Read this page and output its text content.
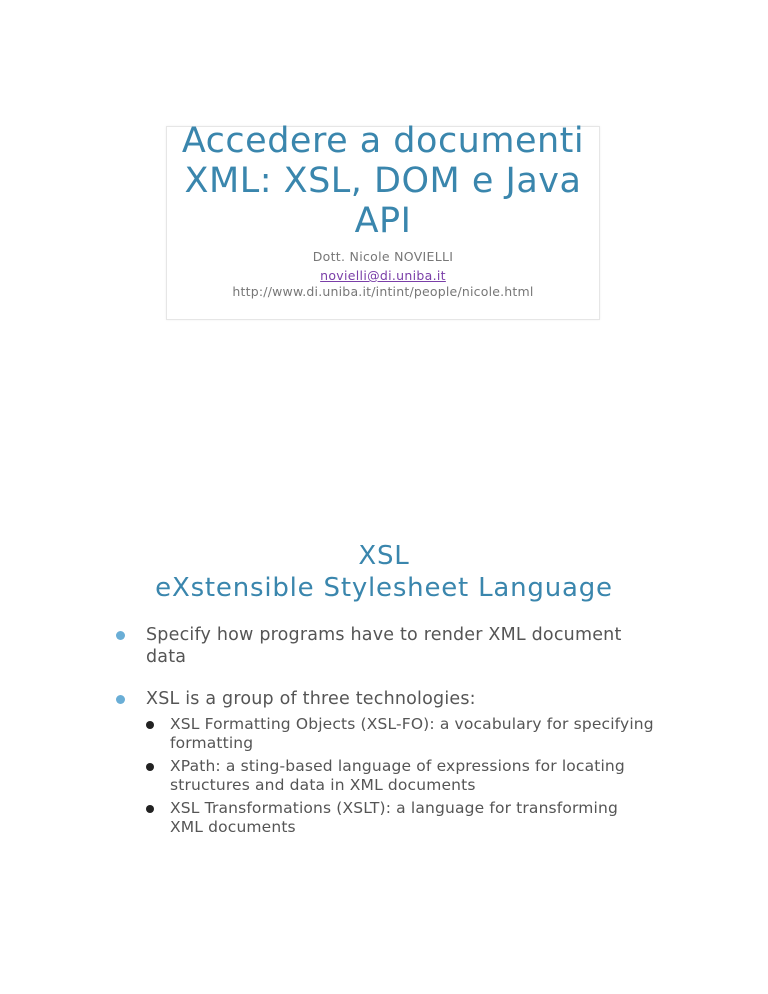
Accedere a documenti
XML: XSL, DOM e Java
API
Dott. Nicole NOVIELLI
novielli@di.uniba.it
http://www.di.uniba.it/intint/people/nicole.html
XSL
eXstensible Stylesheet Language
Specify how programs have to render XML document data
XSL is a group of three technologies:
XSL Formatting Objects (XSL-FO): a vocabulary for specifying formatting
XPath: a sting-based language of expressions for locating structures and data in XML documents
XSL Transformations (XSLT): a language for transforming XML documents
